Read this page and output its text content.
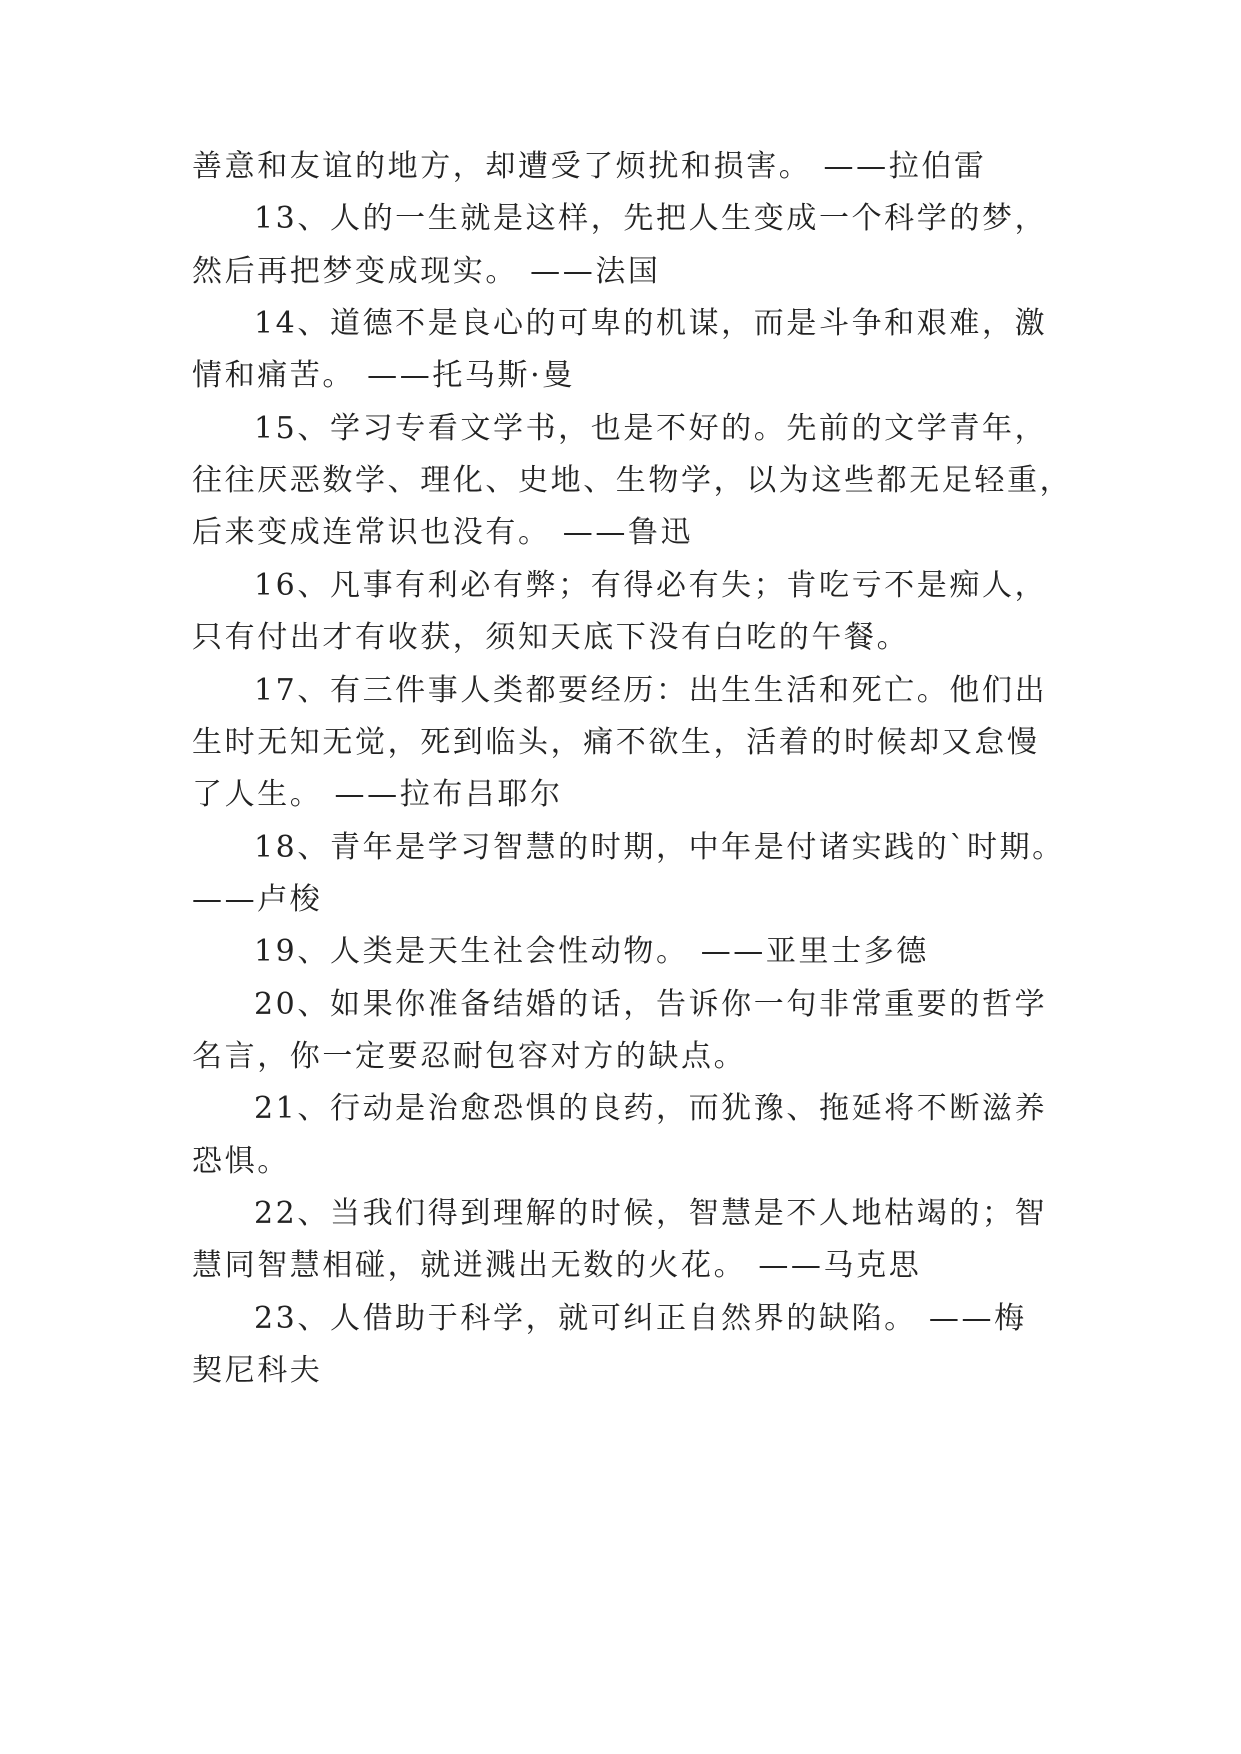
善意和友谊的地方，却遭受了烦扰和损害。 ——拉伯雷
13、人的一生就是这样，先把人生变成一个科学的梦，
然后再把梦变成现实。 ——法国
14、道德不是良心的可卑的机谋，而是斗争和艰难，激
情和痛苦。 ——托马斯·曼
15、学习专看文学书，也是不好的。先前的文学青年，
往往厌恶数学、理化、史地、生物学，以为这些都无足轻重，
后来变成连常识也没有。 ——鲁迅
16、凡事有利必有弊；有得必有失；肯吃亏不是痴人，
只有付出才有收获，须知天底下没有白吃的午餐。
17、有三件事人类都要经历：出生生活和死亡。他们出
生时无知无觉，死到临头，痛不欲生，活着的时候却又怠慢
了人生。 ——拉布吕耶尔
18、青年是学习智慧的时期，中年是付诸实践的`时期。
——卢梭
19、人类是天生社会性动物。 ——亚里士多德
20、如果你准备结婚的话，告诉你一句非常重要的哲学
名言，你一定要忍耐包容对方的缺点。
21、行动是治愈恐惧的良药，而犹豫、拖延将不断滋养
恐惧。
22、当我们得到理解的时候，智慧是不人地枯竭的；智
慧同智慧相碰，就迸溅出无数的火花。 ——马克思
23、人借助于科学，就可纠正自然界的缺陷。 ——梅
契尼科夫
